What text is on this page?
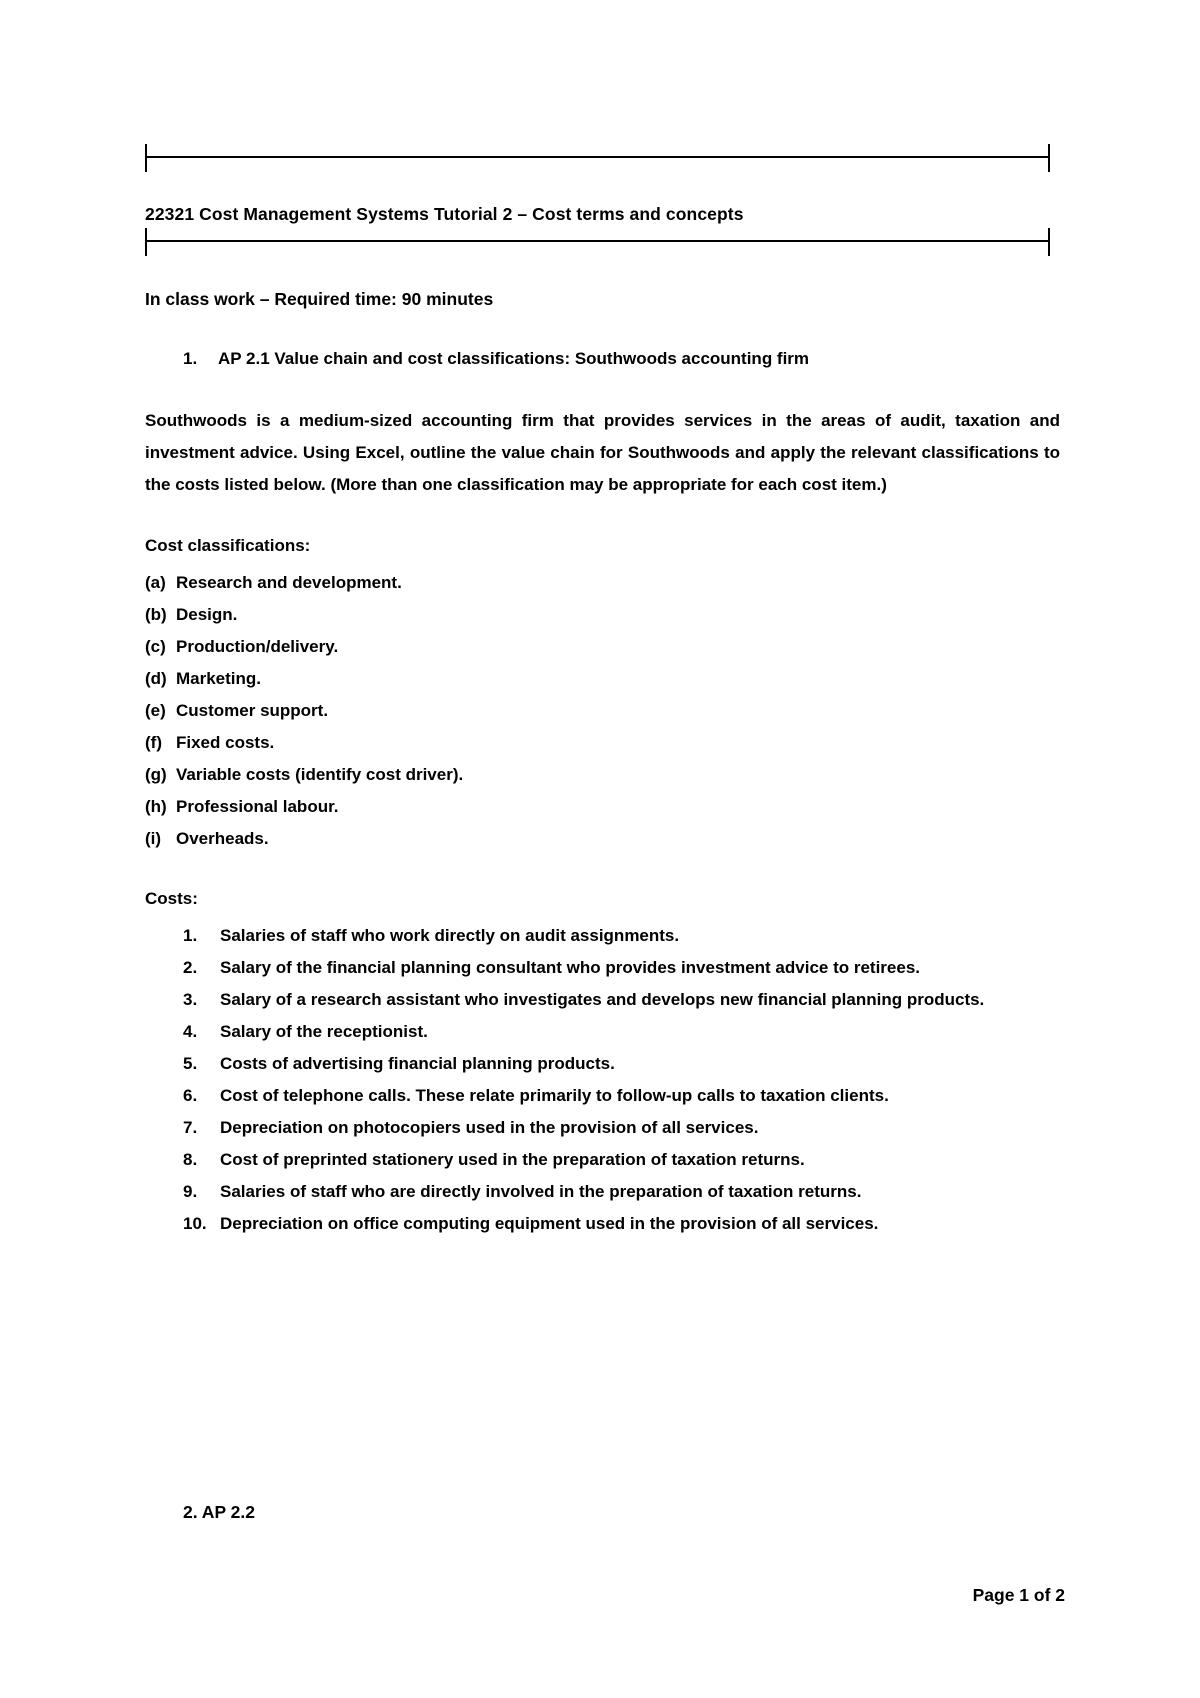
22321 Cost Management Systems Tutorial 2 – Cost terms and concepts
In class work – Required time: 90 minutes
1. AP 2.1 Value chain and cost classifications: Southwoods accounting firm
Southwoods is a medium-sized accounting firm that provides services in the areas of audit, taxation and investment advice. Using Excel, outline the value chain for Southwoods and apply the relevant classifications to the costs listed below. (More than one classification may be appropriate for each cost item.)
Cost classifications:
(a) Research and development.
(b) Design.
(c) Production/delivery.
(d) Marketing.
(e) Customer support.
(f) Fixed costs.
(g) Variable costs (identify cost driver).
(h) Professional labour.
(i) Overheads.
Costs:
1. Salaries of staff who work directly on audit assignments.
2. Salary of the financial planning consultant who provides investment advice to retirees.
3. Salary of a research assistant who investigates and develops new financial planning products.
4. Salary of the receptionist.
5. Costs of advertising financial planning products.
6. Cost of telephone calls. These relate primarily to follow-up calls to taxation clients.
7. Depreciation on photocopiers used in the provision of all services.
8. Cost of preprinted stationery used in the preparation of taxation returns.
9. Salaries of staff who are directly involved in the preparation of taxation returns.
10. Depreciation on office computing equipment used in the provision of all services.
2. AP 2.2
Page 1 of 2
